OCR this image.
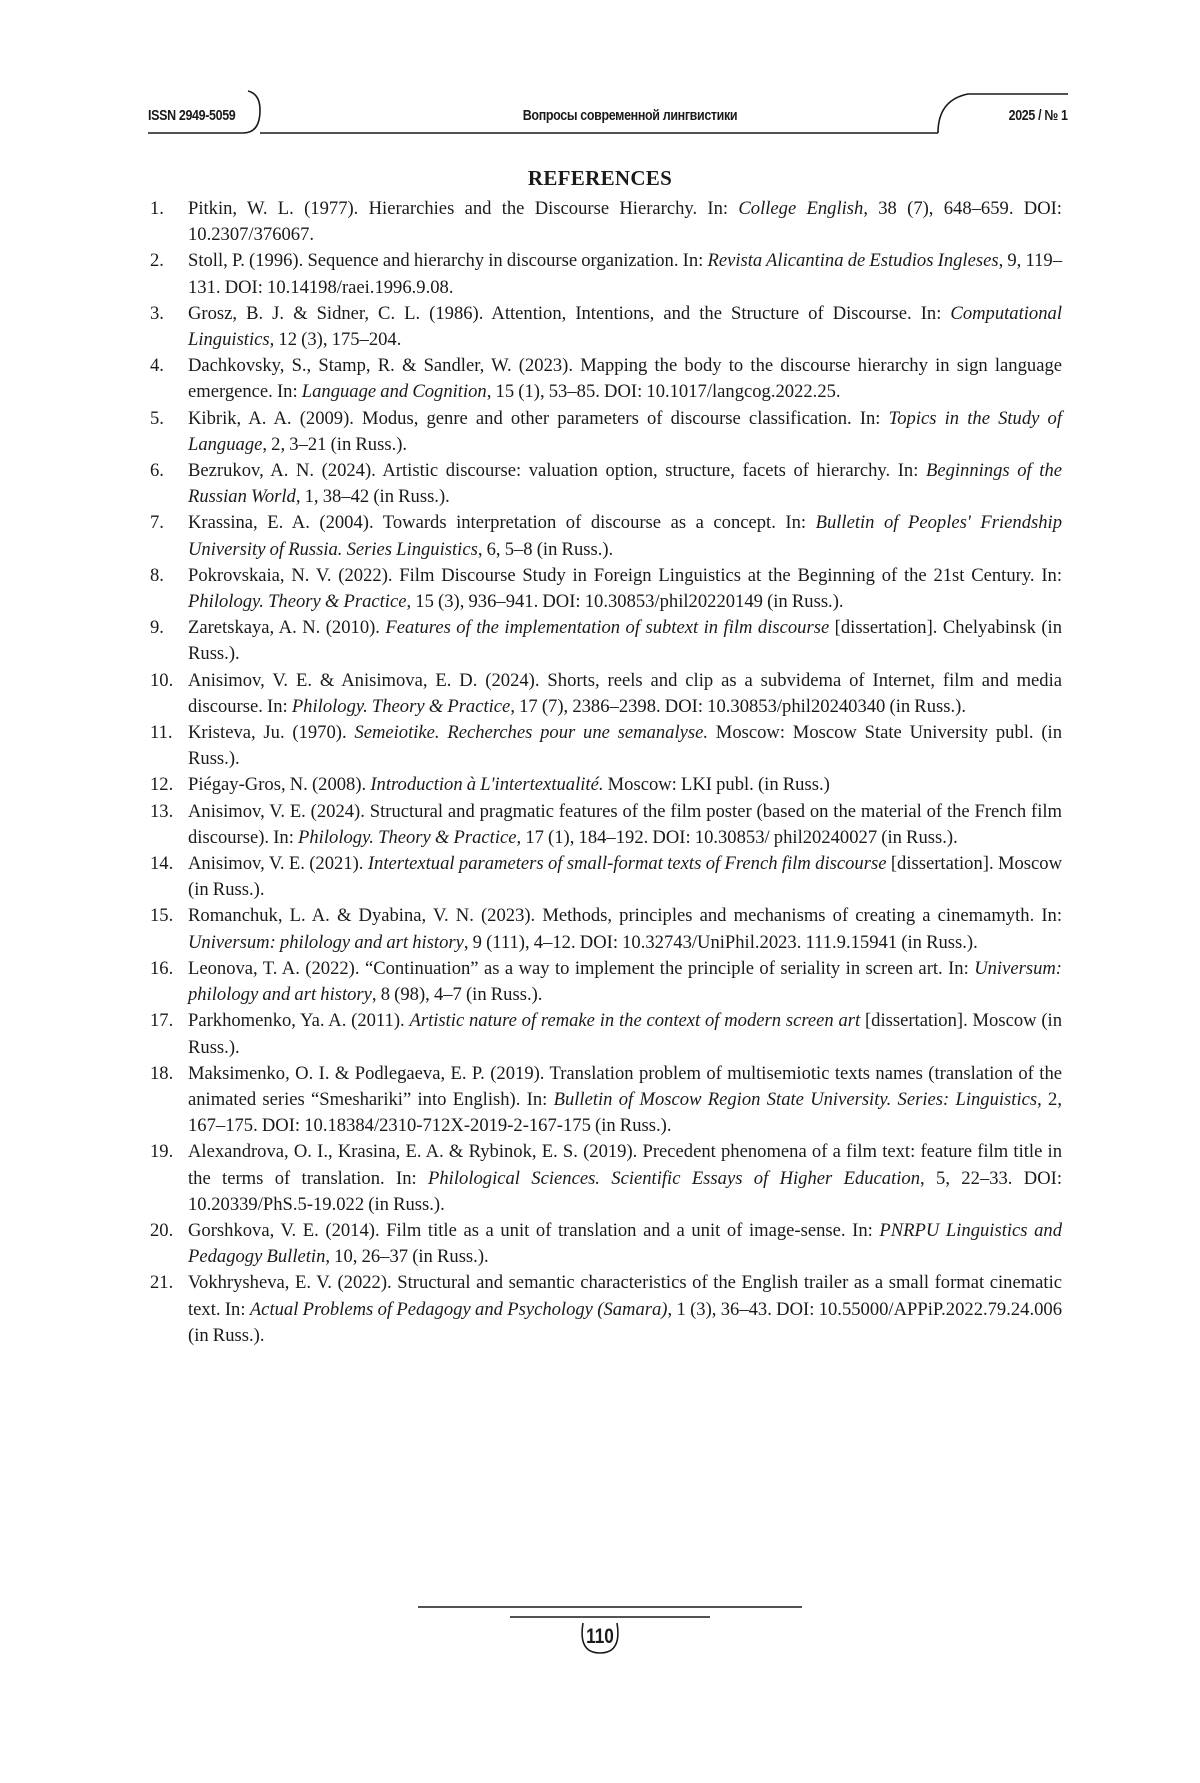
ISSN 2949-5059	Вопросы современной лингвистики	2025 / № 1
REFERENCES
1. Pitkin, W. L. (1977). Hierarchies and the Discourse Hierarchy. In: College English, 38 (7), 648–659. DOI: 10.2307/376067.
2. Stoll, P. (1996). Sequence and hierarchy in discourse organization. In: Revista Alicantina de Estudios Ingleses, 9, 119–131. DOI: 10.14198/raei.1996.9.08.
3. Grosz, B. J. & Sidner, C. L. (1986). Attention, Intentions, and the Structure of Discourse. In: Computa­tional Linguistics, 12 (3), 175–204.
4. Dachkovsky, S., Stamp, R. & Sandler, W. (2023). Mapping the body to the discourse hierarchy in sign language emergence. In: Language and Cognition, 15 (1), 53–85. DOI: 10.1017/langcog.2022.25.
5. Kibrik, A. A. (2009). Modus, genre and other parameters of discourse classification. In: Topics in the Study of Language, 2, 3–21 (in Russ.).
6. Bezrukov, A. N. (2024). Artistic discourse: valuation option, structure, facets of hierarchy. In: Begin­nings of the Russian World, 1, 38–42 (in Russ.).
7. Krassina, E. A. (2004). Towards interpretation of discourse as a concept. In: Bulletin of Peoples' Friend­ship University of Russia. Series Linguistics, 6, 5–8 (in Russ.).
8. Pokrovskaia, N. V. (2022). Film Discourse Study in Foreign Linguistics at the Beginning of the 21st Century. In: Philology. Theory & Practice, 15 (3), 936–941. DOI: 10.30853/phil20220149 (in Russ.).
9. Zaretskaya, A. N. (2010). Features of the implementation of subtext in film discourse [dissertation]. Chelyabinsk (in Russ.).
10. Anisimov, V. E. & Anisimova, E. D. (2024). Shorts, reels and clip as a subvidema of Internet, film and media discourse. In: Philology. Theory & Practice, 17 (7), 2386–2398. DOI: 10.30853/phil20240340 (in Russ.).
11. Kristeva, Ju. (1970). Semeiotike. Recherches pour une semanalyse. Moscow: Moscow State University publ. (in Russ.).
12. Piégay-Gros, N. (2008). Introduction à L'intertextualité. Moscow: LKI publ. (in Russ.)
13. Anisimov, V. E. (2024). Structural and pragmatic features of the film poster (based on the materi­al of the French film discourse). In: Philology. Theory & Practice, 17 (1), 184–192. DOI: 10.30853/ phil20240027 (in Russ.).
14. Anisimov, V. E. (2021). Intertextual parameters of small-format texts of French film discourse [disserta­tion]. Moscow (in Russ.).
15. Romanchuk, L. A. & Dyabina, V. N. (2023). Methods, principles and mechanisms of creating a cinemamyth. In: Universum: philology and art history, 9 (111), 4–12. DOI: 10.32743/UniPhil.2023. 111.9.15941 (in Russ.).
16. Leonova, T. A. (2022). “Continuation” as a way to implement the principle of seriality in screen art. In: Universum: philology and art history, 8 (98), 4–7 (in Russ.).
17. Parkhomenko, Ya. A. (2011). Artistic nature of remake in the context of modern screen art [disserta­tion]. Moscow (in Russ.).
18. Maksimenko, O. I. & Podlegaeva, E. P. (2019). Translation problem of multisemiotic texts names (translation of the animated series “Smeshariki” into English). In: Bulletin of Moscow Region State Uni­versity. Series: Linguistics, 2, 167–175. DOI: 10.18384/2310-712X-2019-2-167-175 (in Russ.).
19. Alexandrova, O. I., Krasina, E. A. & Rybinok, E. S. (2019). Precedent phenomena of a film text: feature film title in the terms of translation. In: Philological Sciences. Scientific Essays of Higher Education, 5, 22–33. DOI: 10.20339/PhS.5-19.022 (in Russ.).
20. Gorshkova, V. E. (2014). Film title as a unit of translation and a unit of image-sense. In: PNRPU Lin­guistics and Pedagogy Bulletin, 10, 26–37 (in Russ.).
21. Vokhrysheva, E. V. (2022). Structural and semantic characteristics of the English trailer as a small format cinematic text. In: Actual Problems of Pedagogy and Psychology (Samara), 1 (3), 36–43. DOI: 10.55000/APPiP.2022.79.24.006 (in Russ.).
110
